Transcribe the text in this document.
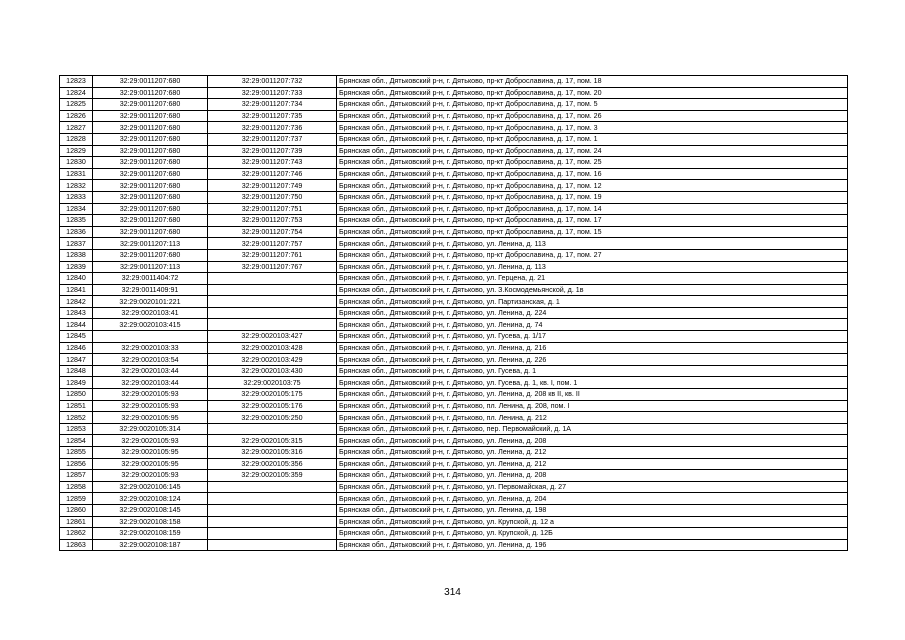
12823	32:29:0011207:680	32:29:0011207:732	Брянская обл., Дятьковский р-н, г. Дятьково, пр-кт Доброславина, д. 17, пом. 18
12824	32:29:0011207:680	32:29:0011207:733	Брянская обл., Дятьковский р-н, г. Дятьково, пр-кт Доброславина, д. 17, пом. 20
12825	32:29:0011207:680	32:29:0011207:734	Брянская обл., Дятьковский р-н, г. Дятьково, пр-кт Доброславина, д. 17, пом. 5
12826	32:29:0011207:680	32:29:0011207:735	Брянская обл., Дятьковский р-н, г. Дятьково, пр-кт Доброславина, д. 17, пом. 26
12827	32:29:0011207:680	32:29:0011207:736	Брянская обл., Дятьковский р-н, г. Дятьково, пр-кт Доброславина, д. 17, пом. 3
12828	32:29:0011207:680	32:29:0011207:737	Брянская обл., Дятьковский р-н, г. Дятьково, пр-кт Доброславина, д. 17, пом. 1
12829	32:29:0011207:680	32:29:0011207:739	Брянская обл., Дятьковский р-н, г. Дятьково, пр-кт Доброславина, д. 17, пом. 24
12830	32:29:0011207:680	32:29:0011207:743	Брянская обл., Дятьковский р-н, г. Дятьково, пр-кт Доброславина, д. 17, пом. 25
12831	32:29:0011207:680	32:29:0011207:746	Брянская обл., Дятьковский р-н, г. Дятьково, пр-кт Доброславина, д. 17, пом. 16
12832	32:29:0011207:680	32:29:0011207:749	Брянская обл., Дятьковский р-н, г. Дятьково, пр-кт Доброславина, д. 17, пом. 12
12833	32:29:0011207:680	32:29:0011207:750	Брянская обл., Дятьковский р-н, г. Дятьково, пр-кт Доброславина, д. 17, пом. 19
12834	32:29:0011207:680	32:29:0011207:751	Брянская обл., Дятьковский р-н, г. Дятьково, пр-кт Доброславина, д. 17, пом. 14
12835	32:29:0011207:680	32:29:0011207:753	Брянская обл., Дятьковский р-н, г. Дятьково, пр-кт Доброславина, д. 17, пом. 17
12836	32:29:0011207:680	32:29:0011207:754	Брянская обл., Дятьковский р-н, г. Дятьково, пр-кт Доброславина, д. 17, пом. 15
12837	32:29:0011207:113	32:29:0011207:757	Брянская обл., Дятьковский р-н, г. Дятьково, ул. Ленина, д. 113
12838	32:29:0011207:680	32:29:0011207:761	Брянская обл., Дятьковский р-н, г. Дятьково, пр-кт Доброславина, д. 17, пом. 27
12839	32:29:0011207:113	32:29:0011207:767	Брянская обл., Дятьковский р-н, г. Дятьково, ул. Ленина, д. 113
12840	32:29:0011404:72		Брянская обл., Дятьковский р-н, г. Дятьково, ул. Герцена, д. 21
12841	32:29:0011409:91		Брянская обл., Дятьковский р-н, г. Дятьково, ул. З.Космодемьянской, д. 1в
12842	32:29:0020101:221		Брянская обл., Дятьковский р-н, г. Дятьково, ул. Партизанская, д. 1
12843	32:29:0020103:41		Брянская обл., Дятьковский р-н, г. Дятьково, ул. Ленина, д. 224
12844	32:29:0020103:415		Брянская обл., Дятьковский р-н, г. Дятьково, ул. Ленина, д. 74
12845		32:29:0020103:427	Брянская обл., Дятьковский р-н, г. Дятьково, ул. Гусева, д. 1/17
12846	32:29:0020103:33	32:29:0020103:428	Брянская обл., Дятьковский р-н, г. Дятьково, ул. Ленина, д. 216
12847	32:29:0020103:54	32:29:0020103:429	Брянская обл., Дятьковский р-н, г. Дятьково, ул. Ленина, д. 226
12848	32:29:0020103:44	32:29:0020103:430	Брянская обл., Дятьковский р-н, г. Дятьково, ул. Гусева, д. 1
12849	32:29:0020103:44	32:29:0020103:75	Брянская обл., Дятьковский р-н, г. Дятьково, ул. Гусева, д. 1, кв. I, пом. 1
12850	32:29:0020105:93	32:29:0020105:175	Брянская обл., Дятьковский р-н, г. Дятьково, ул. Ленина, д. 208 кв II, кв. II
12851	32:29:0020105:93	32:29:0020105:176	Брянская обл., Дятьковский р-н, г. Дятьково, пл. Ленина, д. 208, пом. I
12852	32:29:0020105:95	32:29:0020105:250	Брянская обл., Дятьковский р-н, г. Дятьково, пл. Ленина, д. 212
12853	32:29:0020105:314		Брянская обл., Дятьковский р-н, г. Дятьково, пер. Первомайский, д. 1А
12854	32:29:0020105:93	32:29:0020105:315	Брянская обл., Дятьковский р-н, г. Дятьково, ул. Ленина, д. 208
12855	32:29:0020105:95	32:29:0020105:316	Брянская обл., Дятьковский р-н, г. Дятьково, ул. Ленина, д. 212
12856	32:29:0020105:95	32:29:0020105:356	Брянская обл., Дятьковский р-н, г. Дятьково, ул. Ленина, д. 212
12857	32:29:0020105:93	32:29:0020105:359	Брянская обл., Дятьковский р-н, г. Дятьково, ул. Ленина, д. 208
12858	32:29:0020106:145		Брянская обл., Дятьковский р-н, г. Дятьково, ул. Первомайская, д. 27
12859	32:29:0020108:124		Брянская обл., Дятьковский р-н, г. Дятьково, ул. Ленина, д. 204
12860	32:29:0020108:145		Брянская обл., Дятьковский р-н, г. Дятьково, ул. Ленина, д. 198
12861	32:29:0020108:158		Брянская обл., Дятьковский р-н, г. Дятьково, ул. Крупской, д. 12 а
12862	32:29:0020108:159		Брянская обл., Дятьковский р-н, г. Дятьково, ул. Крупской, д. 12Б
12863	32:29:0020108:187		Брянская обл., Дятьковский р-н, г. Дятьково, ул. Ленина, д. 196
314
